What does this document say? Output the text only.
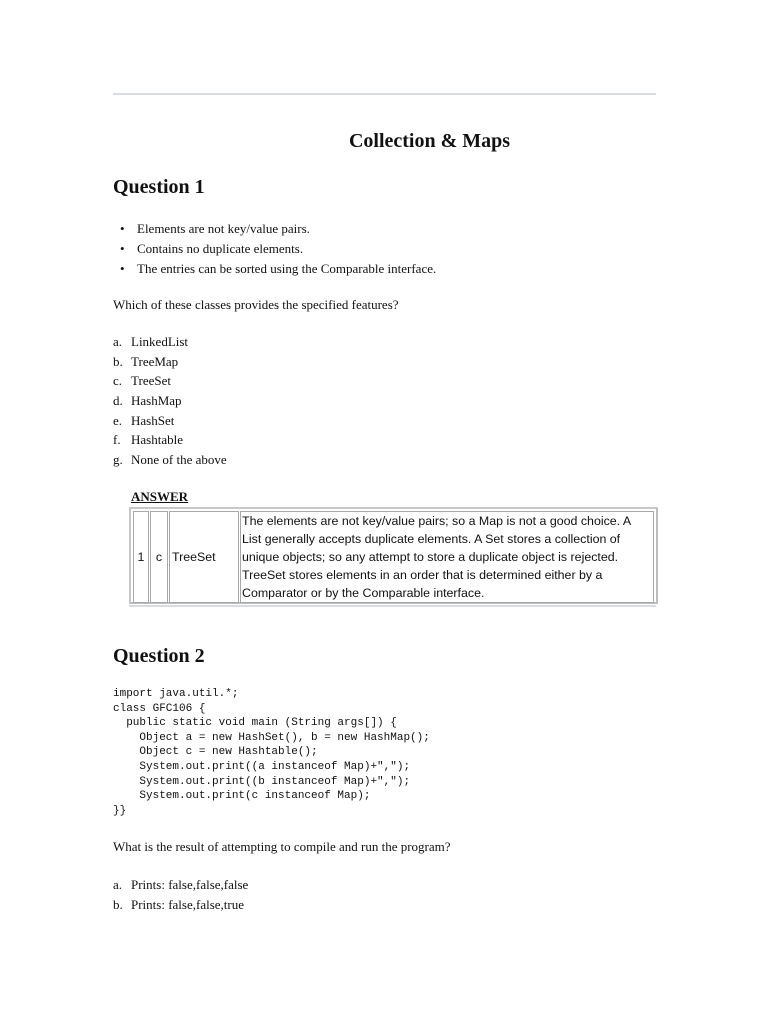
Collection & Maps
Question 1
• Elements are not key/value pairs.
• Contains no duplicate elements.
• The entries can be sorted using the Comparable interface.

Which of these classes provides the specified features?

a. LinkedList
b. TreeMap
c. TreeSet
d. HashMap
e. HashSet
f. Hashtable
g. None of the above

ANSWER

1	c	TreeSet	The elements are not key/value pairs; so a Map is not a good choice. A List generally accepts duplicate elements. A Set stores a collection of unique objects; so any attempt to store a duplicate object is rejected. TreeSet stores elements in an order that is determined either by a Comparator or by the Comparable interface.
Question 2
import java.util.*;
class GFC106 {
public static void main (String args[]) {
Object a = new HashSet(), b = new HashMap();
Object c = new Hashtable();
System.out.print((a instanceof Map)+",");
System.out.print((b instanceof Map)+",");
System.out.print(c instanceof Map);
}}

What is the result of attempting to compile and run the program?

a. Prints: false,false,false
b. Prints: false,false,true
